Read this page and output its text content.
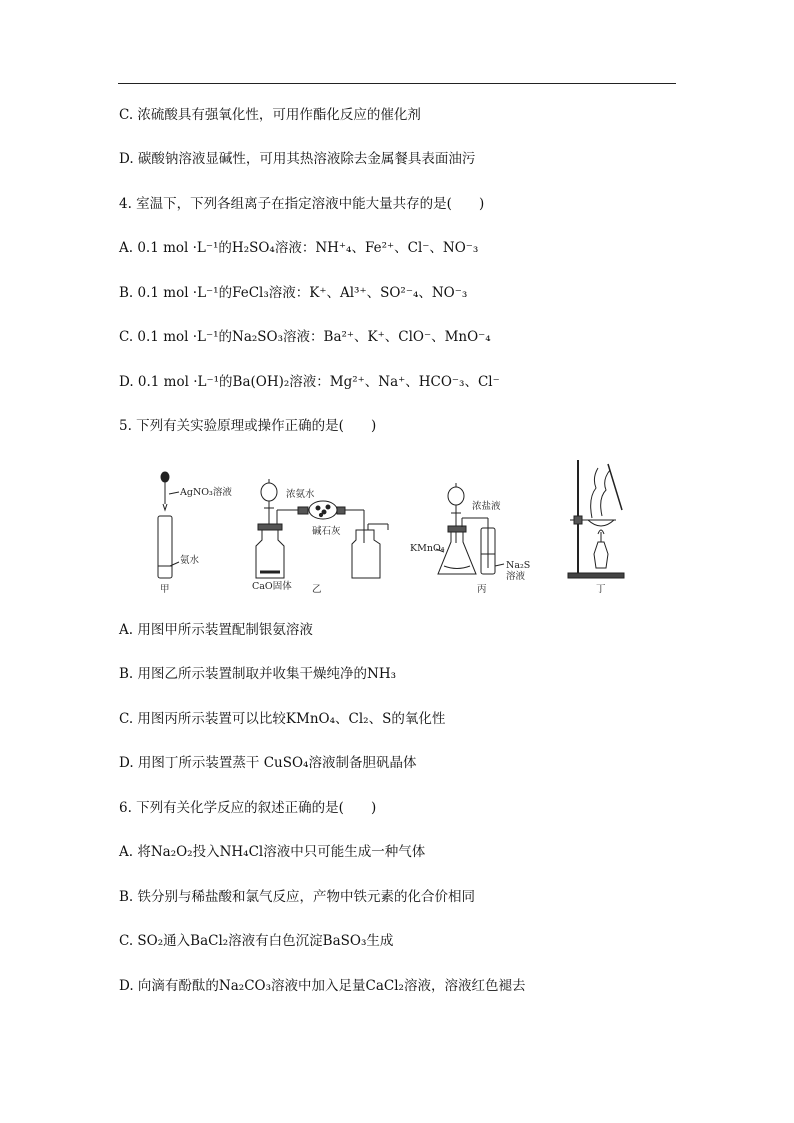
C. 浓硫酸具有强氧化性，可用作酯化反应的催化剂
D. 碳酸钠溶液显碱性，可用其热溶液除去金属餐具表面油污
4. 室温下，下列各组离子在指定溶液中能大量共存的是(　　)
A. 0.1 mol ·L⁻¹的H₂SO₄溶液：NH⁺₄、Fe²⁺、Cl⁻、NO⁻₃
B. 0.1 mol ·L⁻¹的FeCl₃溶液：K⁺、Al³⁺、SO²⁻₄、NO⁻₃
C. 0.1 mol ·L⁻¹的Na₂SO₃溶液：Ba²⁺、K⁺、ClO⁻、MnO⁻₄
D. 0.1 mol ·L⁻¹的Ba(OH)₂溶液：Mg²⁺、Na⁺、HCO⁻₃、Cl⁻
5. 下列有关实验原理或操作正确的是(　　)
AgNO₃溶液
氨水
甲
浓氨水
碱石灰
CaO固体 乙
浓盐液
KMnO₄
Na₂S
溶液
丙	丁
A. 用图甲所示装置配制银氨溶液
B. 用图乙所示装置制取并收集干燥纯净的NH₃
C. 用图丙所示装置可以比较KMnO₄、Cl₂、S的氧化性
D. 用图丁所示装置蒸干 CuSO₄溶液制备胆矾晶体
6. 下列有关化学反应的叙述正确的是(　　)
A. 将Na₂O₂投入NH₄Cl溶液中只可能生成一种气体
B. 铁分别与稀盐酸和氯气反应，产物中铁元素的化合价相同
C. SO₂通入BaCl₂溶液有白色沉淀BaSO₃生成
D. 向滴有酚酞的Na₂CO₃溶液中加入足量CaCl₂溶液，溶液红色褪去
